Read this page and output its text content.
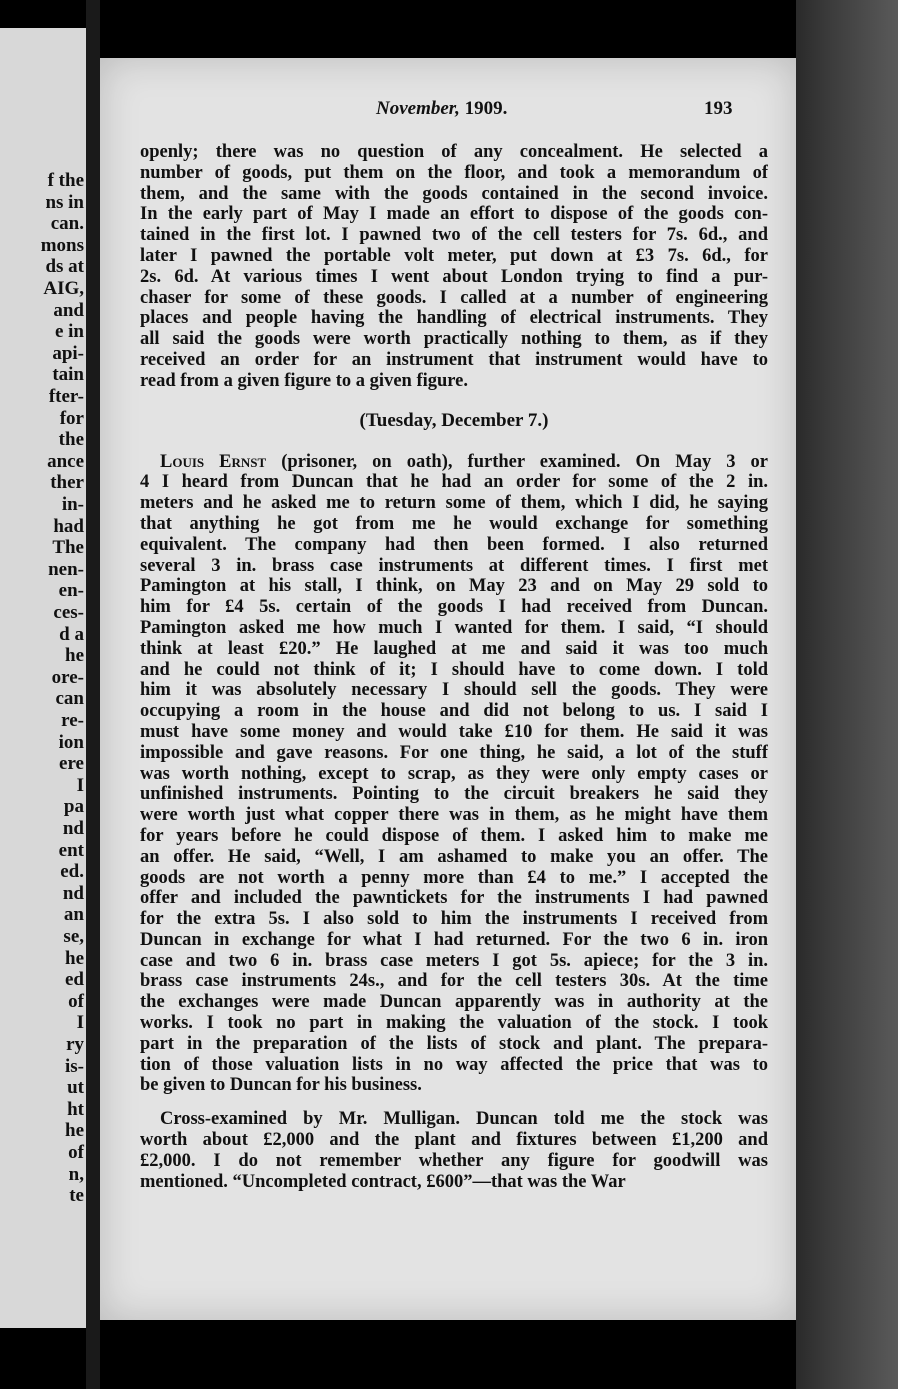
f the
ns in
can.
mons
ds at
AIG,
and
e in
api-
tain
fter-
for
the
ance
ther
in-
had
The
nen-
en-
ces-
d a
he
ore-
can
re-
ion
ere
I
pa
nd
ent
ed.
nd
an
se,
he
ed
of
I
ry
is-
ut
ht
he
of
n,
te
November, 1909.	193
openly; there was no question of any concealment. He selected a
number of goods, put them on the floor, and took a memorandum of
them, and the same with the goods contained in the second invoice.
In the early part of May I made an effort to dispose of the goods con-
tained in the first lot. I pawned two of the cell testers for 7s. 6d., and
later I pawned the portable volt meter, put down at £3 7s. 6d., for
2s. 6d. At various times I went about London trying to find a pur-
chaser for some of these goods. I called at a number of engineering
places and people having the handling of electrical instruments. They
all said the goods were worth practically nothing to them, as if they
received an order for an instrument that instrument would have to
read from a given figure to a given figure.
(Tuesday, December 7.)
Louis Ernst (prisoner, on oath), further examined. On May 3 or
4 I heard from Duncan that he had an order for some of the 2 in.
meters and he asked me to return some of them, which I did, he saying
that anything he got from me he would exchange for something
equivalent. The company had then been formed. I also returned
several 3 in. brass case instruments at different times. I first met
Pamington at his stall, I think, on May 23 and on May 29 sold to
him for £4 5s. certain of the goods I had received from Duncan.
Pamington asked me how much I wanted for them. I said, “I should
think at least £20.” He laughed at me and said it was too much
and he could not think of it; I should have to come down. I told
him it was absolutely necessary I should sell the goods. They were
occupying a room in the house and did not belong to us. I said I
must have some money and would take £10 for them. He said it was
impossible and gave reasons. For one thing, he said, a lot of the stuff
was worth nothing, except to scrap, as they were only empty cases or
unfinished instruments. Pointing to the circuit breakers he said they
were worth just what copper there was in them, as he might have them
for years before he could dispose of them. I asked him to make me
an offer. He said, “Well, I am ashamed to make you an offer. The
goods are not worth a penny more than £4 to me.” I accepted the
offer and included the pawntickets for the instruments I had pawned
for the extra 5s. I also sold to him the instruments I received from
Duncan in exchange for what I had returned. For the two 6 in. iron
case and two 6 in. brass case meters I got 5s. apiece; for the 3 in.
brass case instruments 24s., and for the cell testers 30s. At the time
the exchanges were made Duncan apparently was in authority at the
works. I took no part in making the valuation of the stock. I took
part in the preparation of the lists of stock and plant. The prepara-
tion of those valuation lists in no way affected the price that was to
be given to Duncan for his business.
Cross-examined by Mr. Mulligan. Duncan told me the stock was
worth about £2,000 and the plant and fixtures between £1,200 and
£2,000. I do not remember whether any figure for goodwill was
mentioned. “Uncompleted contract, £600”—that was the War
